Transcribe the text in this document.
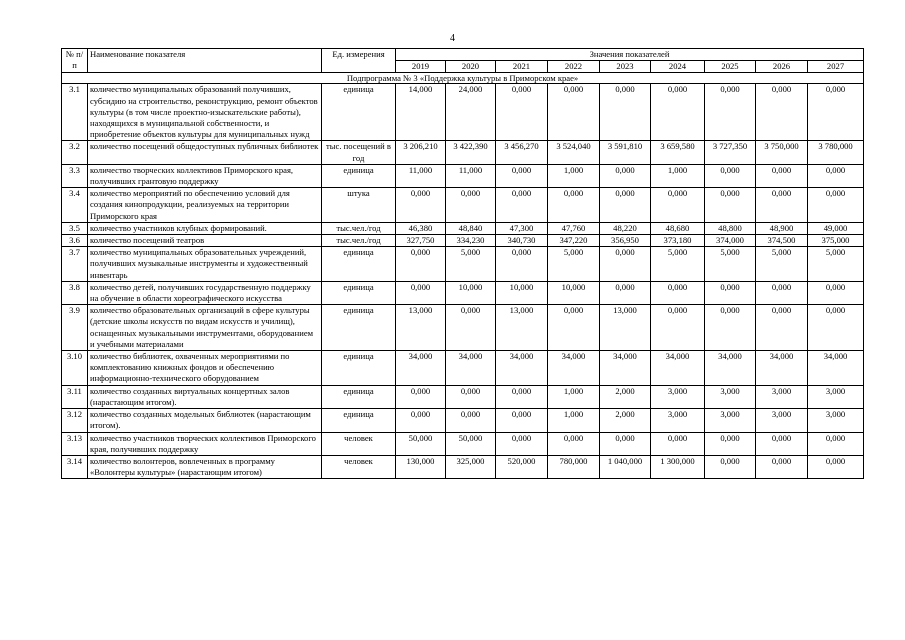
4
№ п/п	Наименование показателя	Ед. измерения	Значения показателей								
			2019	2020	2021	2022	2023	2024	2025	2026	2027
Подпрограмма № 3 «Поддержка культуры в Приморском крае»											
3.1	количество муниципальных образований получивших, субсидию на строительство, реконструкцию, ремонт объектов культуры (в том числе проектно-изыскательские работы), находящихся в муниципальной собственности, и приобретение объектов культуры для муниципальных нужд	единица	14,000	24,000	0,000	0,000	0,000	0,000	0,000	0,000	0,000
3.2	количество посещений общедоступных публичных библиотек	тыс. посещений в год	3 206,210	3 422,390	3 456,270	3 524,040	3 591,810	3 659,580	3 727,350	3 750,000	3 780,000
3.3	количество творческих коллективов Приморского края, получивших грантовую поддержку	единица	11,000	11,000	0,000	1,000	0,000	1,000	0,000	0,000	0,000
3.4	количество мероприятий по обеспечению условий для создания кинопродукции, реализуемых на территории Приморского края	штука	0,000	0,000	0,000	0,000	0,000	0,000	0,000	0,000	0,000
3.5	количество участников клубных формирований.	тыс.чел./год	46,380	48,840	47,300	47,760	48,220	48,680	48,800	48,900	49,000
3.6	количество посещений театров	тыс.чел./год	327,750	334,230	340,730	347,220	356,950	373,180	374,000	374,500	375,000
3.7	количество муниципальных образовательных учреждений, получивших музыкальные инструменты и художественный инвентарь	единица	0,000	5,000	0,000	5,000	0,000	5,000	5,000	5,000	5,000
3.8	количество детей, получивших государственную поддержку на обучение в области хореографического искусства	единица	0,000	10,000	10,000	10,000	0,000	0,000	0,000	0,000	0,000
3.9	количество образовательных организаций в сфере культуры (детские школы искусств по видам искусств и училищ), оснащенных музыкальными инструментами, оборудованием и учебными материалами	единица	13,000	0,000	13,000	0,000	13,000	0,000	0,000	0,000	0,000
3.10	количество библиотек, охваченных мероприятиями по комплектованию книжных фондов и обеспечению информационно-технического оборудованием	единица	34,000	34,000	34,000	34,000	34,000	34,000	34,000	34,000	34,000
3.11	количество созданных виртуальных концертных залов (нарастающим итогом).	единица	0,000	0,000	0,000	1,000	2,000	3,000	3,000	3,000	3,000
3.12	количество созданных модельных библиотек (нарастающим итогом).	единица	0,000	0,000	0,000	1,000	2,000	3,000	3,000	3,000	3,000
3.13	количество участников творческих коллективов Приморского края, получивших поддержку	человек	50,000	50,000	0,000	0,000	0,000	0,000	0,000	0,000	0,000
3.14	количество волонтеров, вовлеченных в программу «Волонтеры культуры» (нарастающим итогом)	человек	130,000	325,000	520,000	780,000	1 040,000	1 300,000	0,000	0,000	0,000
